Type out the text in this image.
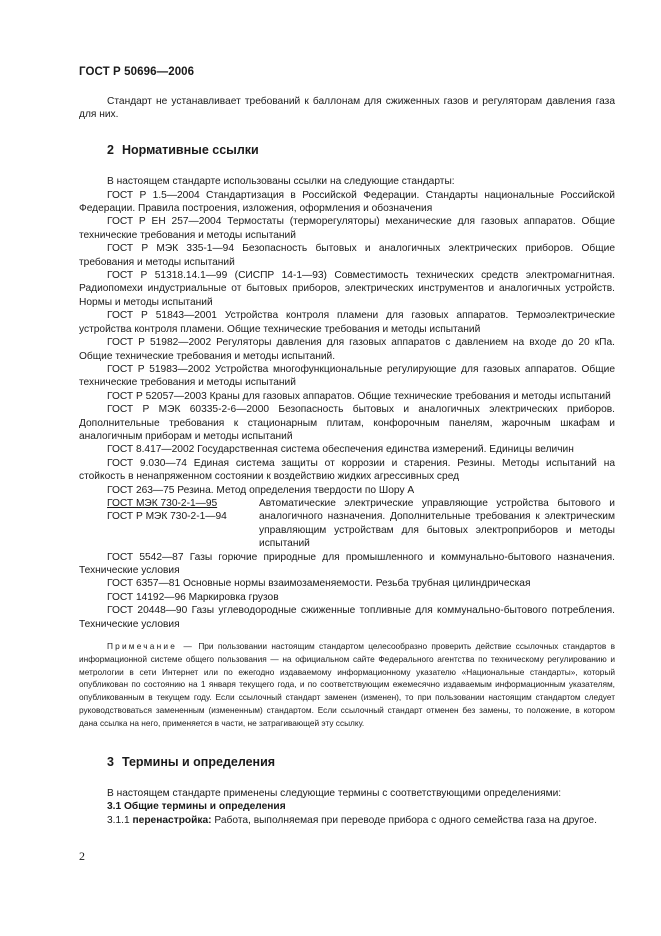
ГОСТ Р 50696—2006

Стандарт не устанавливает требований к баллонам для сжиженных газов и регуляторам давления газа для них.

2 Нормативные ссылки

В настоящем стандарте использованы ссылки на следующие стандарты:

ГОСТ Р 1.5—2004 Стандартизация в Российской Федерации. Стандарты национальные Российской Федерации. Правила построения, изложения, оформления и обозначения

ГОСТ Р ЕН 257—2004 Термостаты (терморегуляторы) механические для газовых аппаратов. Общие технические требования и методы испытаний

ГОСТ Р МЭК 335-1—94 Безопасность бытовых и аналогичных электрических приборов. Общие требования и методы испытаний

ГОСТ Р 51318.14.1—99 (СИСПР 14-1—93) Совместимость технических средств электромагнитная. Радиопомехи индустриальные от бытовых приборов, электрических инструментов и аналогичных устройств. Нормы и методы испытаний

ГОСТ Р 51843—2001 Устройства контроля пламени для газовых аппаратов. Термоэлектрические устройства контроля пламени. Общие технические требования и методы испытаний

ГОСТ Р 51982—2002 Регуляторы давления для газовых аппаратов с давлением на входе до 20 кПа. Общие технические требования и методы испытаний.

ГОСТ Р 51983—2002 Устройства многофункциональные регулирующие для газовых аппаратов. Общие технические требования и методы испытаний

ГОСТ Р 52057—2003 Краны для газовых аппаратов. Общие технические требования и методы испытаний

ГОСТ Р МЭК 60335-2-6—2000 Безопасность бытовых и аналогичных электрических приборов. Дополнительные требования к стационарным плитам, конфорочным панелям, жарочным шкафам и аналогичным приборам и методы испытаний

ГОСТ 8.417—2002 Государственная система обеспечения единства измерений. Единицы величин

ГОСТ 9.030—74 Единая система защиты от коррозии и старения. Резины. Методы испытаний на стойкость в ненапряженном состоянии к воздействию жидких агрессивных сред

ГОСТ 263—75 Резина. Метод определения твердости по Шору А

ГОСТ МЭК 730-2-1—95
ГОСТ Р МЭК 730-2-1—94
Автоматические электрические управляющие устройства бытового и аналогичного назначения. Дополнительные требования к электрическим управляющим устройствам для бытовых электроприборов и методы испытаний

ГОСТ 5542—87 Газы горючие природные для промышленного и коммунально-бытового назначения. Технические условия

ГОСТ 6357—81 Основные нормы взаимозаменяемости. Резьба трубная цилиндрическая

ГОСТ 14192—96 Маркировка грузов

ГОСТ 20448—90 Газы углеводородные сжиженные топливные для коммунально-бытового потребления. Технические условия

Примечание — При пользовании настоящим стандартом целесообразно проверить действие ссылочных стандартов в информационной системе общего пользования — на официальном сайте Федерального агентства по техническому регулированию и метрологии в сети Интернет или по ежегодно издаваемому информационному указателю «Национальные стандарты», который опубликован по состоянию на 1 января текущего года, и по соответствующим ежемесячно издаваемым информационным указателям, опубликованным в текущем году. Если ссылочный стандарт заменен (изменен), то при пользовании настоящим стандартом следует руководствоваться замененным (измененным) стандартом. Если ссылочный стандарт отменен без замены, то положение, в котором дана ссылка на него, применяется в части, не затрагивающей эту ссылку.

3 Термины и определения

В настоящем стандарте применены следующие термины с соответствующими определениями:

3.1 Общие термины и определения

3.1.1 перенастройка: Работа, выполняемая при переводе прибора с одного семейства газа на другое.

2
